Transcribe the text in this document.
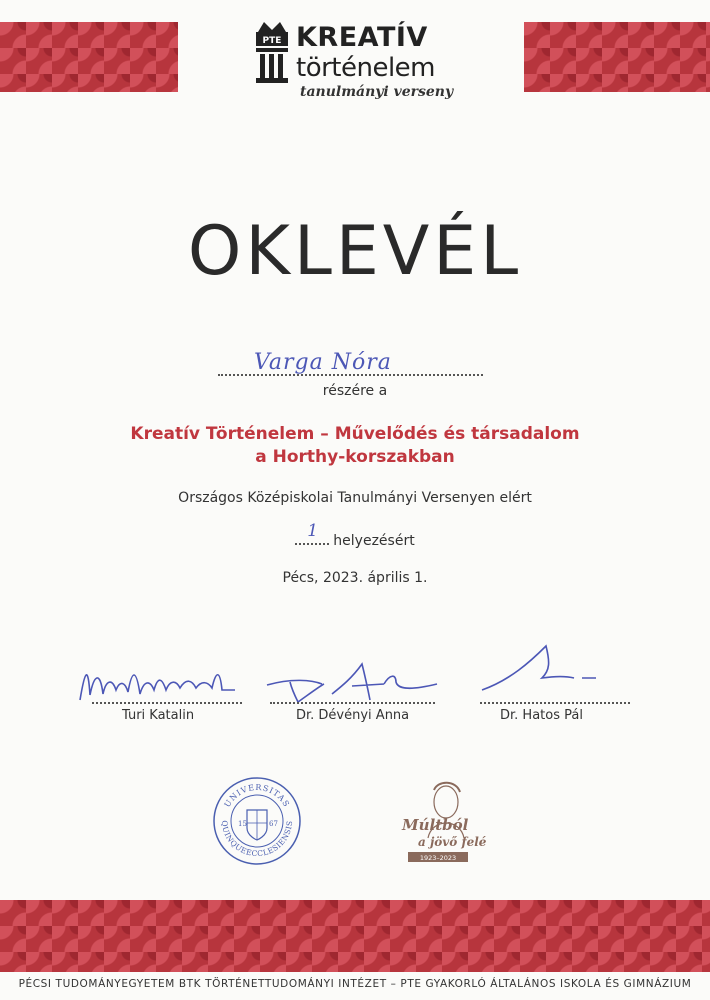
PTE KREATÍV
történelem
tanulmányi verseny
OKLEVÉL
Varga Nóra
részére a
Kreatív Történelem – Művelődés és társadalom
a Horthy-korszakban
Országos Középiskolai Tanulmányi Versenyen elért
1 helyezésért
Pécs, 2023. április 1.
Turi Katalin	Dr. Dévényi Anna	Dr. Hatos Pál
UNIVERSITAS
QUINQUEECCLESIENSIS
15	67	Múltból
a jövő felé
1923–2023
PÉCSI TUDOMÁNYEGYETEM BTK TÖRTÉNETTUDOMÁNYI INTÉZET – PTE GYAKORLÓ ÁLTALÁNOS ISKOLA ÉS GIMNÁZIUM
